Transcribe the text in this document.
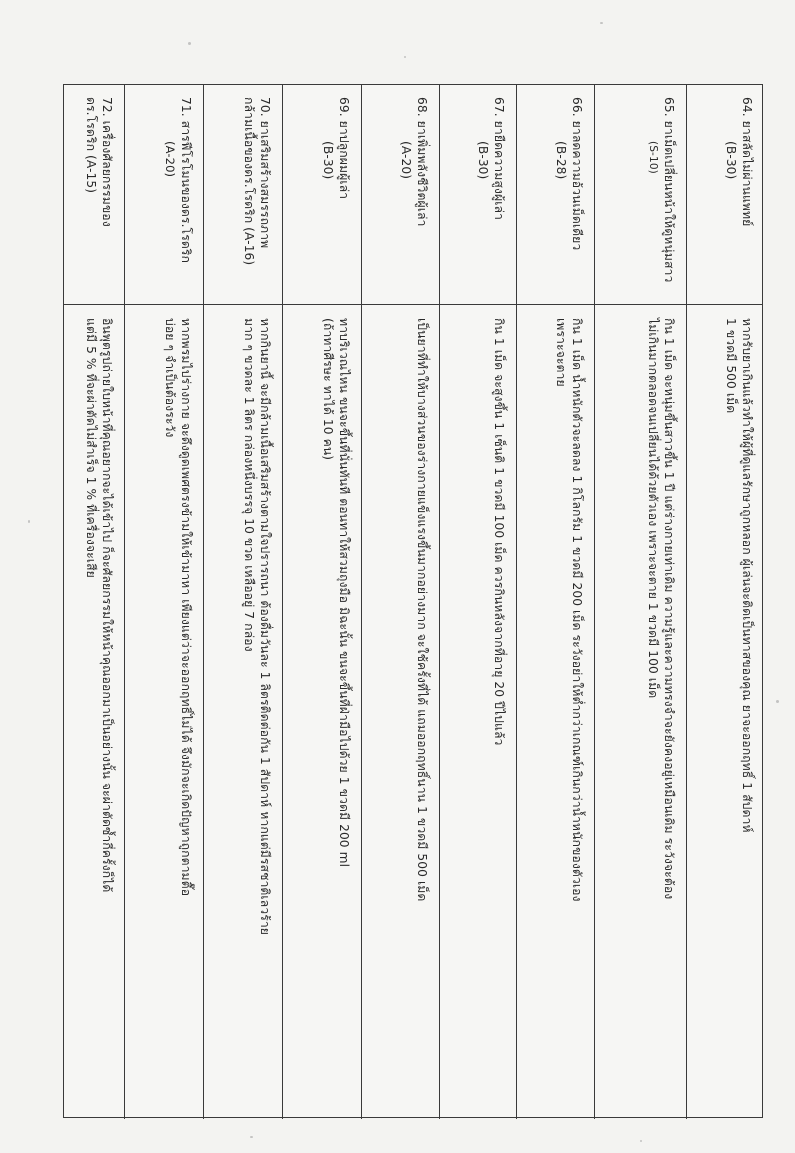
64. ยาสลัดไม่ผ่านแพทย์
(B-30)
หากรับยาเกินแล้วทำให้ผู้ที่ดูแลรักษาถูกหลอก ผู้เล่นจะติดเป็นทาสของคุณ ยาจะออกฤทธิ์ 1 สัปดาห์
1 ขวดมี 500 เม็ด
65. ยาเม็ดเปลี่ยนหน้าให้ดูหนุ่มสาว
(S-10)
กิน 1 เม็ด จะหนุ่มขึ้นสาวขึ้น 1 ปี แต่ร่างกายเท่าเดิม ความรู้และความทรงจำจะยังคงอยู่เหมือนเดิม ระวังจะต้อง
ไม่เกินมากตลอดจนเปลี่ยนได้ด้วยตัวเอง เพราะจะตาย 1 ขวดมี 100 เม็ด
66. ยาลดความอ้วนเม็ดเดียว
(B-28)
กิน 1 เม็ด น้ำหนักตัวจะลดลง 1 กิโลกรัม 1 ขวดมี 200 เม็ด ระวังอย่าให้ต่ำกว่าเกณฑ์เกินกว่าน้ำหนักของตัวเอง
เพราะจะตาย
67. ยายืดความสูงผู้เล่า
(B-30)
กิน 1 เม็ด จะสูงขึ้น 1 เซ็นติ 1 ขวดมี 100 เม็ด ควรกินหลังจากที่อายุ 20 ปีไปแล้ว
68. ยาเพิ่มพลังชีวิตผู้เล่า
(A-20)
เป็นยาที่ทำให้บางส่วนของร่างกายแข็งแรงขึ้นมากอย่างมาก จะใช้ครั้งที่ได้ แถมออกฤทธิ์นาน 1 ขวดมี 500 เม็ด
69. ยาปลูกผมผู้เล่า
(B-30)
ทาบริเวณไหน ขนจะขึ้นที่นั่นทันที ตอนทาให้สวมถุงมือ มิฉะนั้น ขนจะขึ้นที่ฝ่ามือไปด้วย 1 ขวดมี 200 ml
(ถ้าทาศีรษะ ทาได้ 10 คน)
70. ยาเสริมสร้างสมรรถภาพ
กล้ามเนื้อของดร.โรดริก (A-16)
หากกินยานี้ จะมีกล้ามเนื้อเสริมสร้างตามใจปรารถนา ต้องดื่มวันละ 1 ลิตรติดต่อกัน 1 สัปดาห์ หากแต่มีรสชาติเลวร้าย
มาก ๆ ขวดละ 1 ลิตร กล่องหนึ่งบรรจุ 10 ขวด เหลืออยู่ 7 กล่อง
71. สารฟีโรโมนของดร.โรดริก
(A-20)
หากพรมไปร่างกาย จะดึงดูดเพศตรงข้ามให้เข้ามาหา เพียงแต่ว่าจะออกฤทธิ์ไม่ได้ จึงมักจะเกิดปัญหาถูกตามตื๊อ
บ่อย ๆ จำเป็นต้องระวัง
72. เครื่องศัลยกรรมของ
ดร.โรดริก (A-15)
อินพุตรูปถ่ายใบหน้าที่คุณอยากจะได้เข้าไป ก็จะศัลยกรรมให้หน้าคุณออกมาเป็นอย่างนั้น จะผ่าตัดซ้ำกี่ครั้งก็ได้
แต่มี 5 % ที่จะผ่าตัดไม่สำเร็จ 1 % ที่เครื่องจะเสีย
